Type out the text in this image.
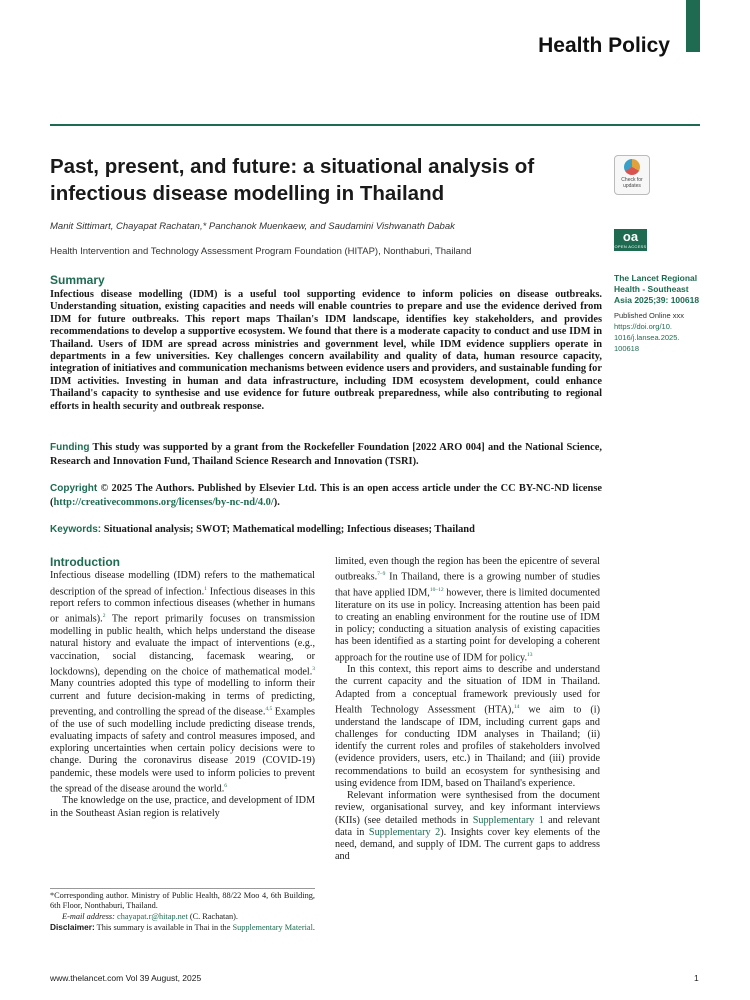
Health Policy
Past, present, and future: a situational analysis of infectious disease modelling in Thailand
Check for
updates
Manit Sittimart, Chayapat Rachatan,* Panchanok Muenkaew, and Saudamini Vishwanath Dabak
Health Intervention and Technology Assessment Program Foundation (HITAP), Nonthaburi, Thailand
oa
OPEN ACCESS
The Lancet Regional
Health - Southeast
Asia 2025;39: 100618
Published Online xxx
https://doi.org/10.
1016/j.lansea.2025.
100618
Summary
Infectious disease modelling (IDM) is a useful tool supporting evidence to inform policies on disease outbreaks. Understanding situation, existing capacities and needs will enable countries to prepare and use the evidence derived from IDM for future outbreaks. This report maps Thailan's IDM landscape, identifies key stakeholders, and provides recommendations to develop a supportive ecosystem. We found that there is a moderate capacity to conduct and use IDM in Thailand. Users of IDM are spread across ministries and government level, while IDM evidence suppliers operate in departments in a few universities. Key challenges concern availability and quality of data, human resource capacity, integration of initiatives and communication mechanisms between evidence users and providers, and sustainable funding for IDM activities. Investing in human and data infrastructure, including IDM ecosystem development, could enhance Thailand's capacity to synthesise and use evidence for future outbreak preparedness, while also contributing to regional efforts in health security and outbreak response.
Funding This study was supported by a grant from the Rockefeller Foundation [2022 ARO 004] and the National Science, Research and Innovation Fund, Thailand Science Research and Innovation (TSRI).
Copyright © 2025 The Authors. Published by Elsevier Ltd. This is an open access article under the CC BY-NC-ND license (http://creativecommons.org/licenses/by-nc-nd/4.0/).
Keywords: Situational analysis; SWOT; Mathematical modelling; Infectious diseases; Thailand
Introduction

Infectious disease modelling (IDM) refers to the mathematical description of the spread of infection.$^1$ Infectious diseases in this report refers to common infectious diseases (whether in humans or animals).$^2$ The report primarily focuses on transmission modelling in public health, which helps understand the disease natural history and evaluate the impact of interventions (e.g., vaccination, social distancing, facemask wearing, or lockdowns), depending on the choice of mathematical model.$^3$ Many countries adopted this type of modelling to inform their current and future decision-making in terms of predicting, preventing, and controlling the spread of the disease.$^{4,5}$ Examples of the use of such modelling include predicting disease trends, evaluating impacts of safety and control measures imposed, and exploring uncertainties when certain policy decisions were to change. During the coronavirus disease 2019 (COVID-19) pandemic, these models were used to inform policies to prevent the spread of the disease around the world.$^6$

The knowledge on the use, practice, and development of IDM in the Southeast Asian region is relatively

limited, even though the region has been the epicentre of several outbreaks.$^{7-9}$ In Thailand, there is a growing number of studies that have applied IDM,$^{10-12}$ however, there is limited documented literature on its use in policy. Increasing attention has been paid to creating an enabling environment for the routine use of IDM in policy; conducting a situation analysis of existing capacities has been identified as a starting point for developing a coherent approach for the routine use of IDM for policy.$^{13}$

In this context, this report aims to describe and understand the current capacity and the situation of IDM in Thailand. Adapted from a conceptual framework previously used for Health Technology Assessment (HTA),$^{14}$ we aim to (i) understand the landscape of IDM, including current gaps and challenges for conducting IDM analyses in Thailand; (ii) identify the current roles and profiles of stakeholders involved (evidence providers, users, etc.) in Thailand; and (iii) provide recommendations to build an ecosystem for synthesising and using evidence from IDM, based on Thailand's experience.

Relevant information were synthesised from the document review, organisational survey, and key informant interviews (KIIs) (see detailed methods in Supplementary 1 and relevant data in Supplementary 2). Insights cover key elements of the need, demand, and supply of IDM. The current gaps to address and

*Corresponding author. Ministry of Public Health, 88/22 Moo 4, 6th Building, 6th Floor, Nonthaburi, Thailand.

E-mail address: chayapat.r@hitap.net (C. Rachatan).

Disclaimer: This summary is available in Thai in the Supplementary Material.

www.thelancet.com Vol 39 August, 2025	1
